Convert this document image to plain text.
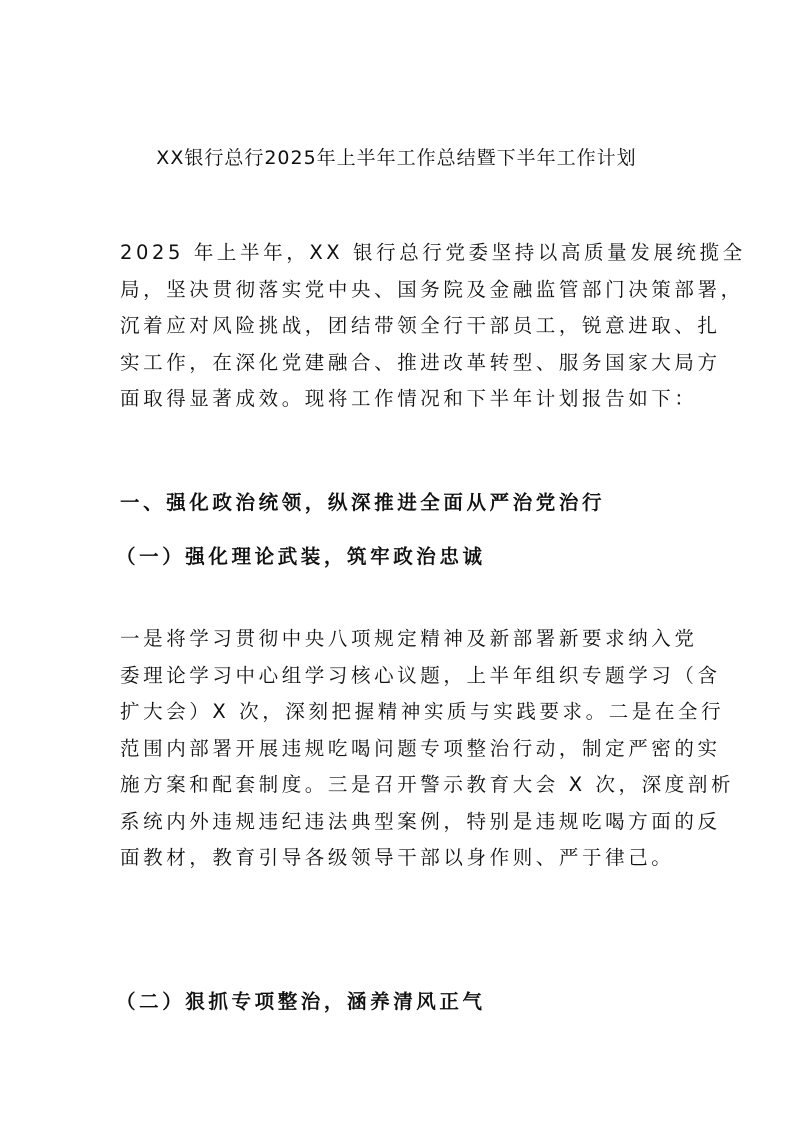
XX银行总行2025年上半年工作总结暨下半年工作计划
2025 年上半年，XX 银行总行党委坚持以高质量发展统揽全
局，坚决贯彻落实党中央、国务院及金融监管部门决策部署，
沉着应对风险挑战，团结带领全行干部员工，锐意进取、扎
实工作，在深化党建融合、推进改革转型、服务国家大局方
面取得显著成效。现将工作情况和下半年计划报告如下：
一、强化政治统领，纵深推进全面从严治党治行
（一）强化理论武装，筑牢政治忠诚
一是将学习贯彻中央八项规定精神及新部署新要求纳入党
委理论学习中心组学习核心议题，上半年组织专题学习（含
扩大会）X 次，深刻把握精神实质与实践要求。二是在全行
范围内部署开展违规吃喝问题专项整治行动，制定严密的实
施方案和配套制度。三是召开警示教育大会 X 次，深度剖析
系统内外违规违纪违法典型案例，特别是违规吃喝方面的反
面教材，教育引导各级领导干部以身作则、严于律己。
（二）狠抓专项整治，涵养清风正气
